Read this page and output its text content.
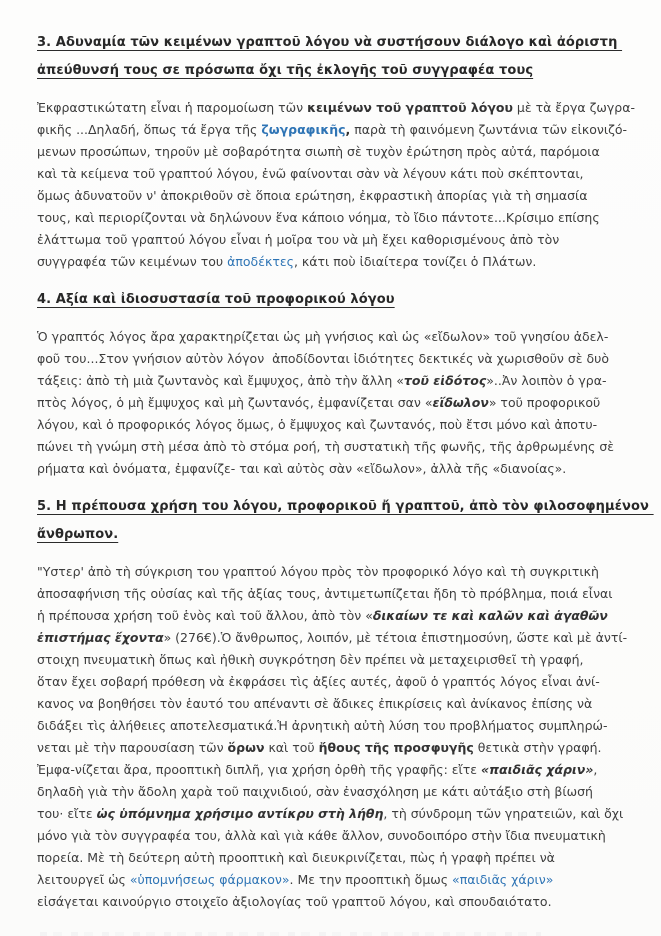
3. Αδυναμία τῶν κειμένων γραπτοῦ λόγου νὰ συστήσουν διάλογο καὶ ἀόριστη
ἀπεύθυνσή τους σε πρόσωπα ὄχι τῆς ἐκλογῆς τοῦ συγγραφέα τους
Ἐκφραστικώτατη εἶναι ἡ παρομοίωση τῶν κειμένων τοῦ γραπτοῦ λόγου μὲ τὰ ἔργα ζωγρα-
φικῆς ...Δηλαδή, ὅπως τά ἔργα τῆς ζωγραφικῆς, παρὰ τὴ φαινόμενη ζωντάνια τῶν εἰκονιζό-
μενων προσώπων, τηροῦν μὲ σοβαρότητα σιωπὴ σὲ τυχὸν ἐρώτηση πρὸς αὐτά, παρόμοια
καὶ τὰ κείμενα τοῦ γραπτού λόγου, ἐνῶ φαίνονται σὰν νὰ λέγουν κάτι ποὺ σκέπτονται,
ὅμως ἀδυνατοῦν ν' ἀποκριθοῦν σὲ ὅποια ερώτηση, ἐκφραστικὴ ἀπορίας γιὰ τὴ σημασία
τους, καὶ περιορίζονται νὰ δηλώνουν ἕνα κάποιο νόημα, τὸ ἴδιο πάντοτε...Κρίσιμο επίσης
ἐλάττωμα τοῦ γραπτού λόγου εἶναι ἡ μοῖρα του νὰ μὴ ἔχει καθορισμένους ἀπὸ τὸν
συγγραφέα τῶν κειμένων του ἀποδέκτες, κάτι ποὺ ἰδιαίτερα τονίζει ὁ Πλάτων.
4. Αξία καὶ ἰδιοσυστασία τοῦ προφορικού λόγου
Ὁ γραπτός λόγος ἄρα χαρακτηρίζεται ὡς μὴ γνήσιος καὶ ὡς «εἴδωλον» τοῦ γνησίου ἀδελ-
φοῦ του...Στον γνήσιον αὐτὸν λόγον  ἀποδίδονται ἰδιότητες δεκτικές νὰ χωρισθοῦν σὲ δυὸ
τάξεις: ἀπὸ τὴ μιὰ ζωντανὸς καὶ ἔμψυχος, ἀπὸ τὴν ἄλλη «τοῦ εἰδότος»..Ἀν λοιπὸν ὁ γρα-
πτὸς λόγος, ὁ μὴ ἔμψυχος καὶ μὴ ζωντανός, ἐμφανίζεται σαν «εἴδωλον» τοῦ προφορικοῦ
λόγου, καὶ ὁ προφορικός λόγος ὅμως, ὁ ἔμψυχος καὶ ζωντανός, ποὺ ἔτσι μόνο καὶ ἀποτυ-
πώνει τὴ γνώμη στὴ μέσα ἀπὸ τὸ στόμα ροή, τὴ συστατικὴ τῆς φωνῆς, τῆς ἀρθρωμένης σὲ
ρήματα καὶ ὀνόματα, ἐμφανίζε- ται καὶ αὐτὸς σὰν «εἴδωλον», ἀλλὰ τῆς «διανοίας».
5. Η πρέπουσα χρήση του λόγου, προφορικοῦ ἤ γραπτοῦ, ἀπὸ τὸν φιλοσοφημένον
ἄνθρωπον.
"Υστερ' ἀπὸ τὴ σύγκριση του γραπτού λόγου πρὸς τὸν προφορικό λόγο καὶ τὴ συγκριτικὴ
ἀποσαφήνιση τῆς οὐσίας καὶ τῆς ἀξίας τους, ἀντιμετωπίζεται ἤδη τὸ πρόβλημα, ποιά εἶναι
ἡ πρέπουσα χρήση τοῦ ἑνὸς καὶ τοῦ ἄλλου, ἀπὸ τὸν «δικαίων τε καὶ καλῶν καὶ ἀγαθῶν
ἐπιστήμας ἔχοντα» (276€).Ὁ ἄνθρωπος, λοιπόν, μὲ τέτοια ἐπιστημοσύνη, ὥστε καὶ μὲ ἀντί-
στοιχη πνευματικὴ ὅπως καὶ ἠθικὴ συγκρότηση δὲν πρέπει νὰ μεταχειρισθεῖ τὴ γραφή,
ὅταν ἔχει σοβαρή πρόθεση νὰ ἐκφράσει τὶς ἀξίες αυτές, ἀφοῦ ὁ γραπτός λόγος εἶναι ἀνί-
κανος να βοηθήσει τὸν ἑαυτό του απέναντι σὲ ἄδικες ἐπικρίσεις καὶ ἀνίκανος ἐπίσης νὰ
διδάξει τὶς ἀλήθειες αποτελεσματικά.Ἡ ἀρνητικὴ αὐτὴ λύση του προβλήματος συμπληρώ-
νεται μὲ τὴν παρουσίαση τῶν ὅρων καὶ τοῦ ἤθους τῆς προσφυγῆς θετικὰ στὴν γραφή.
Ἐμφα-νίζεται ἄρα, προοπτικὴ διπλῆ, για χρήση ὀρθὴ τῆς γραφῆς: εἴτε «παιδιᾶς χάριν»,
δηλαδὴ γιὰ τὴν ἄδολη χαρὰ τοῦ παιχνιδιού, σὰν ἐνασχόληση με κάτι αὐτάξιο στὴ βίωσή
του· εἴτε ὡς ὑπόμνημα χρήσιμο αντίκρυ στὴ λήθη, τὴ σύνδρομη τῶν γηρατειῶν, καὶ ὄχι
μόνο γιὰ τὸν συγγραφέα του, ἀλλὰ καὶ γιὰ κάθε ἄλλον, συνοδοιπόρο στὴν ἴδια πνευματικὴ
πορεία. Μὲ τὴ δεύτερη αὐτὴ προοπτικὴ καὶ διευκρινίζεται, πὼς ἡ γραφὴ πρέπει νὰ
λειτουργεῖ ὡς «ὑπομνήσεως φάρμακον». Με την προοπτικὴ ὅμως «παιδιᾶς χάριν»
εἰσάγεται καινούργιο στοιχεῖο ἀξιολογίας τοῦ γραπτοῦ λόγου, καὶ σπουδαιότατο.
